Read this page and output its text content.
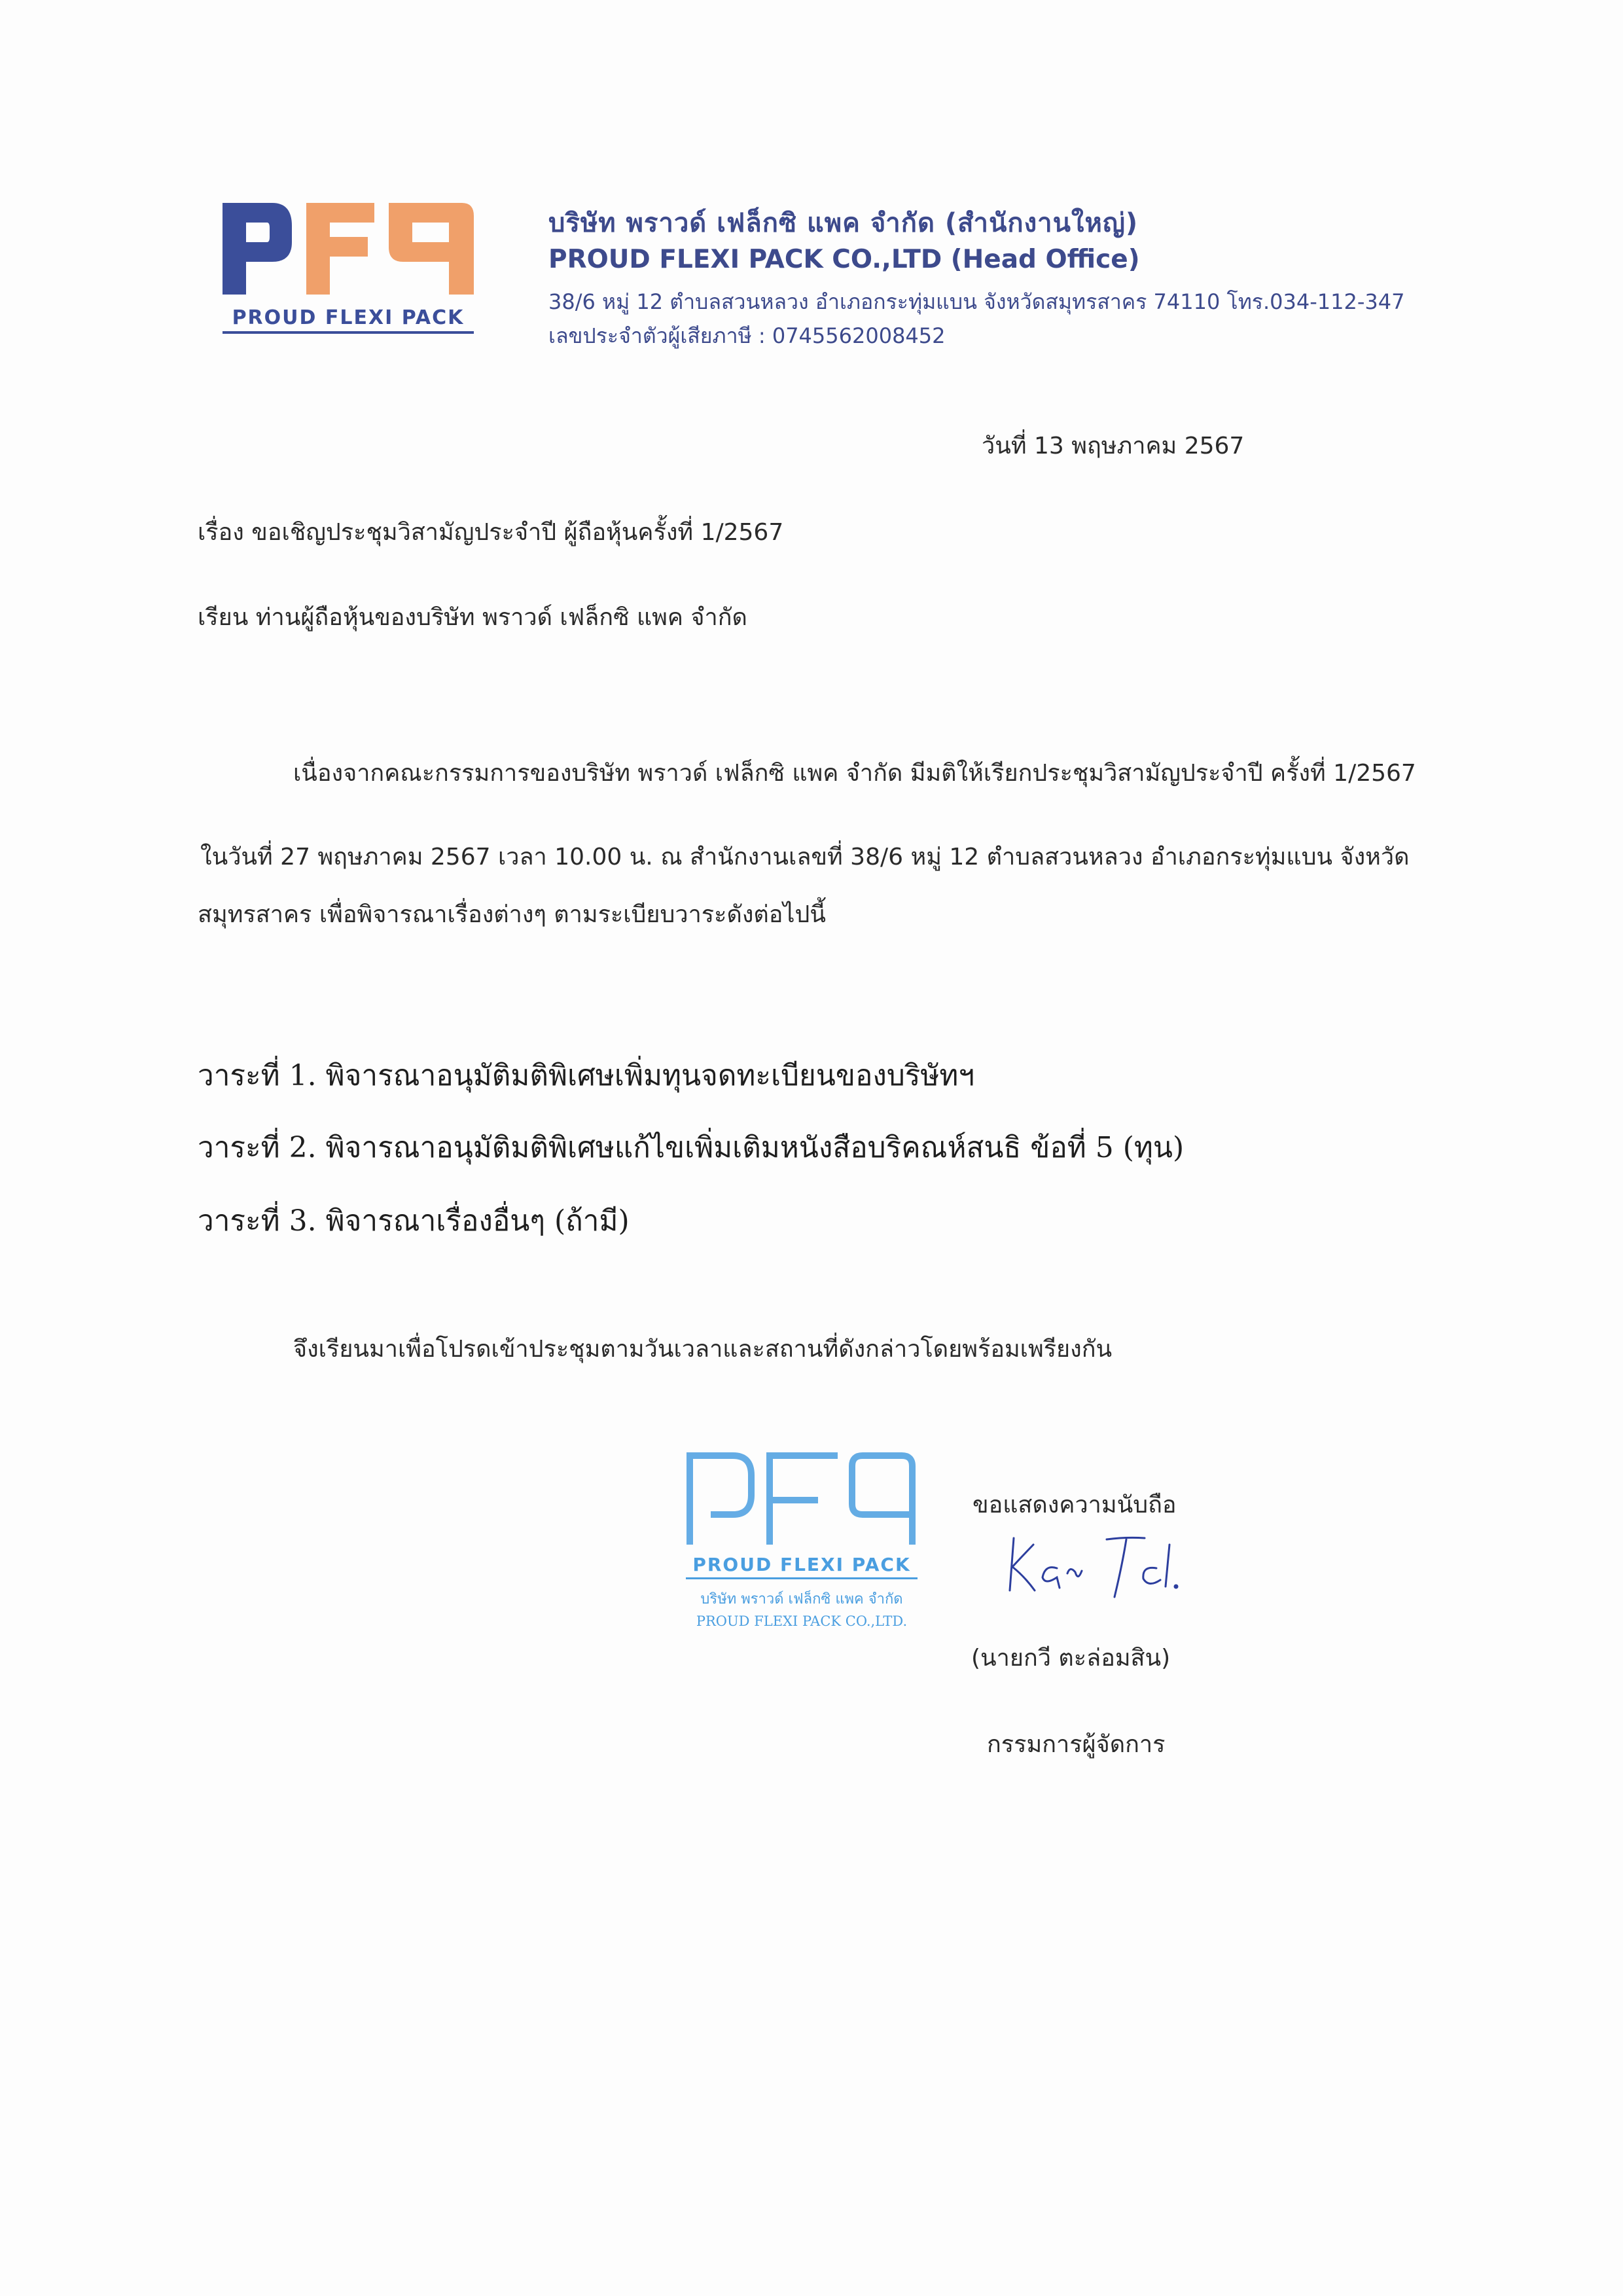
PROUD FLEXI PACK
บริษัท พราวด์ เฟล็กซิ แพค จำกัด (สำนักงานใหญ่)
PROUD FLEXI PACK CO.,LTD (Head Office)
38/6 หมู่ 12 ตำบลสวนหลวง อำเภอกระทุ่มแบน จังหวัดสมุทรสาคร 74110 โทร.034-112-347
เลขประจำตัวผู้เสียภาษี : 0745562008452
วันที่ 13 พฤษภาคม 2567
เรื่อง ขอเชิญประชุมวิสามัญประจำปี ผู้ถือหุ้นครั้งที่ 1/2567
เรียน ท่านผู้ถือหุ้นของบริษัท พราวด์ เฟล็กซิ แพค จำกัด
เนื่องจากคณะกรรมการของบริษัท พราวด์ เฟล็กซิ แพค จำกัด มีมติให้เรียกประชุมวิสามัญประจำปี ครั้งที่ 1/2567
ในวันที่ 27 พฤษภาคม 2567 เวลา 10.00 น. ณ สำนักงานเลขที่ 38/6 หมู่ 12 ตำบลสวนหลวง อำเภอกระทุ่มแบน จังหวัด
สมุทรสาคร เพื่อพิจารณาเรื่องต่างๆ ตามระเบียบวาระดังต่อไปนี้
วาระที่ 1. พิจารณาอนุมัติมติพิเศษเพิ่มทุนจดทะเบียนของบริษัทฯ
วาระที่ 2. พิจารณาอนุมัติมติพิเศษแก้ไขเพิ่มเติมหนังสือบริคณห์สนธิ ข้อที่ 5 (ทุน)
วาระที่ 3. พิจารณาเรื่องอื่นๆ (ถ้ามี)
จึงเรียนมาเพื่อโปรดเข้าประชุมตามวันเวลาและสถานที่ดังกล่าวโดยพร้อมเพรียงกัน
PROUD FLEXI PACK
บริษัท พราวด์ เฟล็กซิ แพค จำกัด
PROUD FLEXI PACK CO.,LTD.
ขอแสดงความนับถือ
(นายกวี ตะล่อมสิน)
กรรมการผู้จัดการ
